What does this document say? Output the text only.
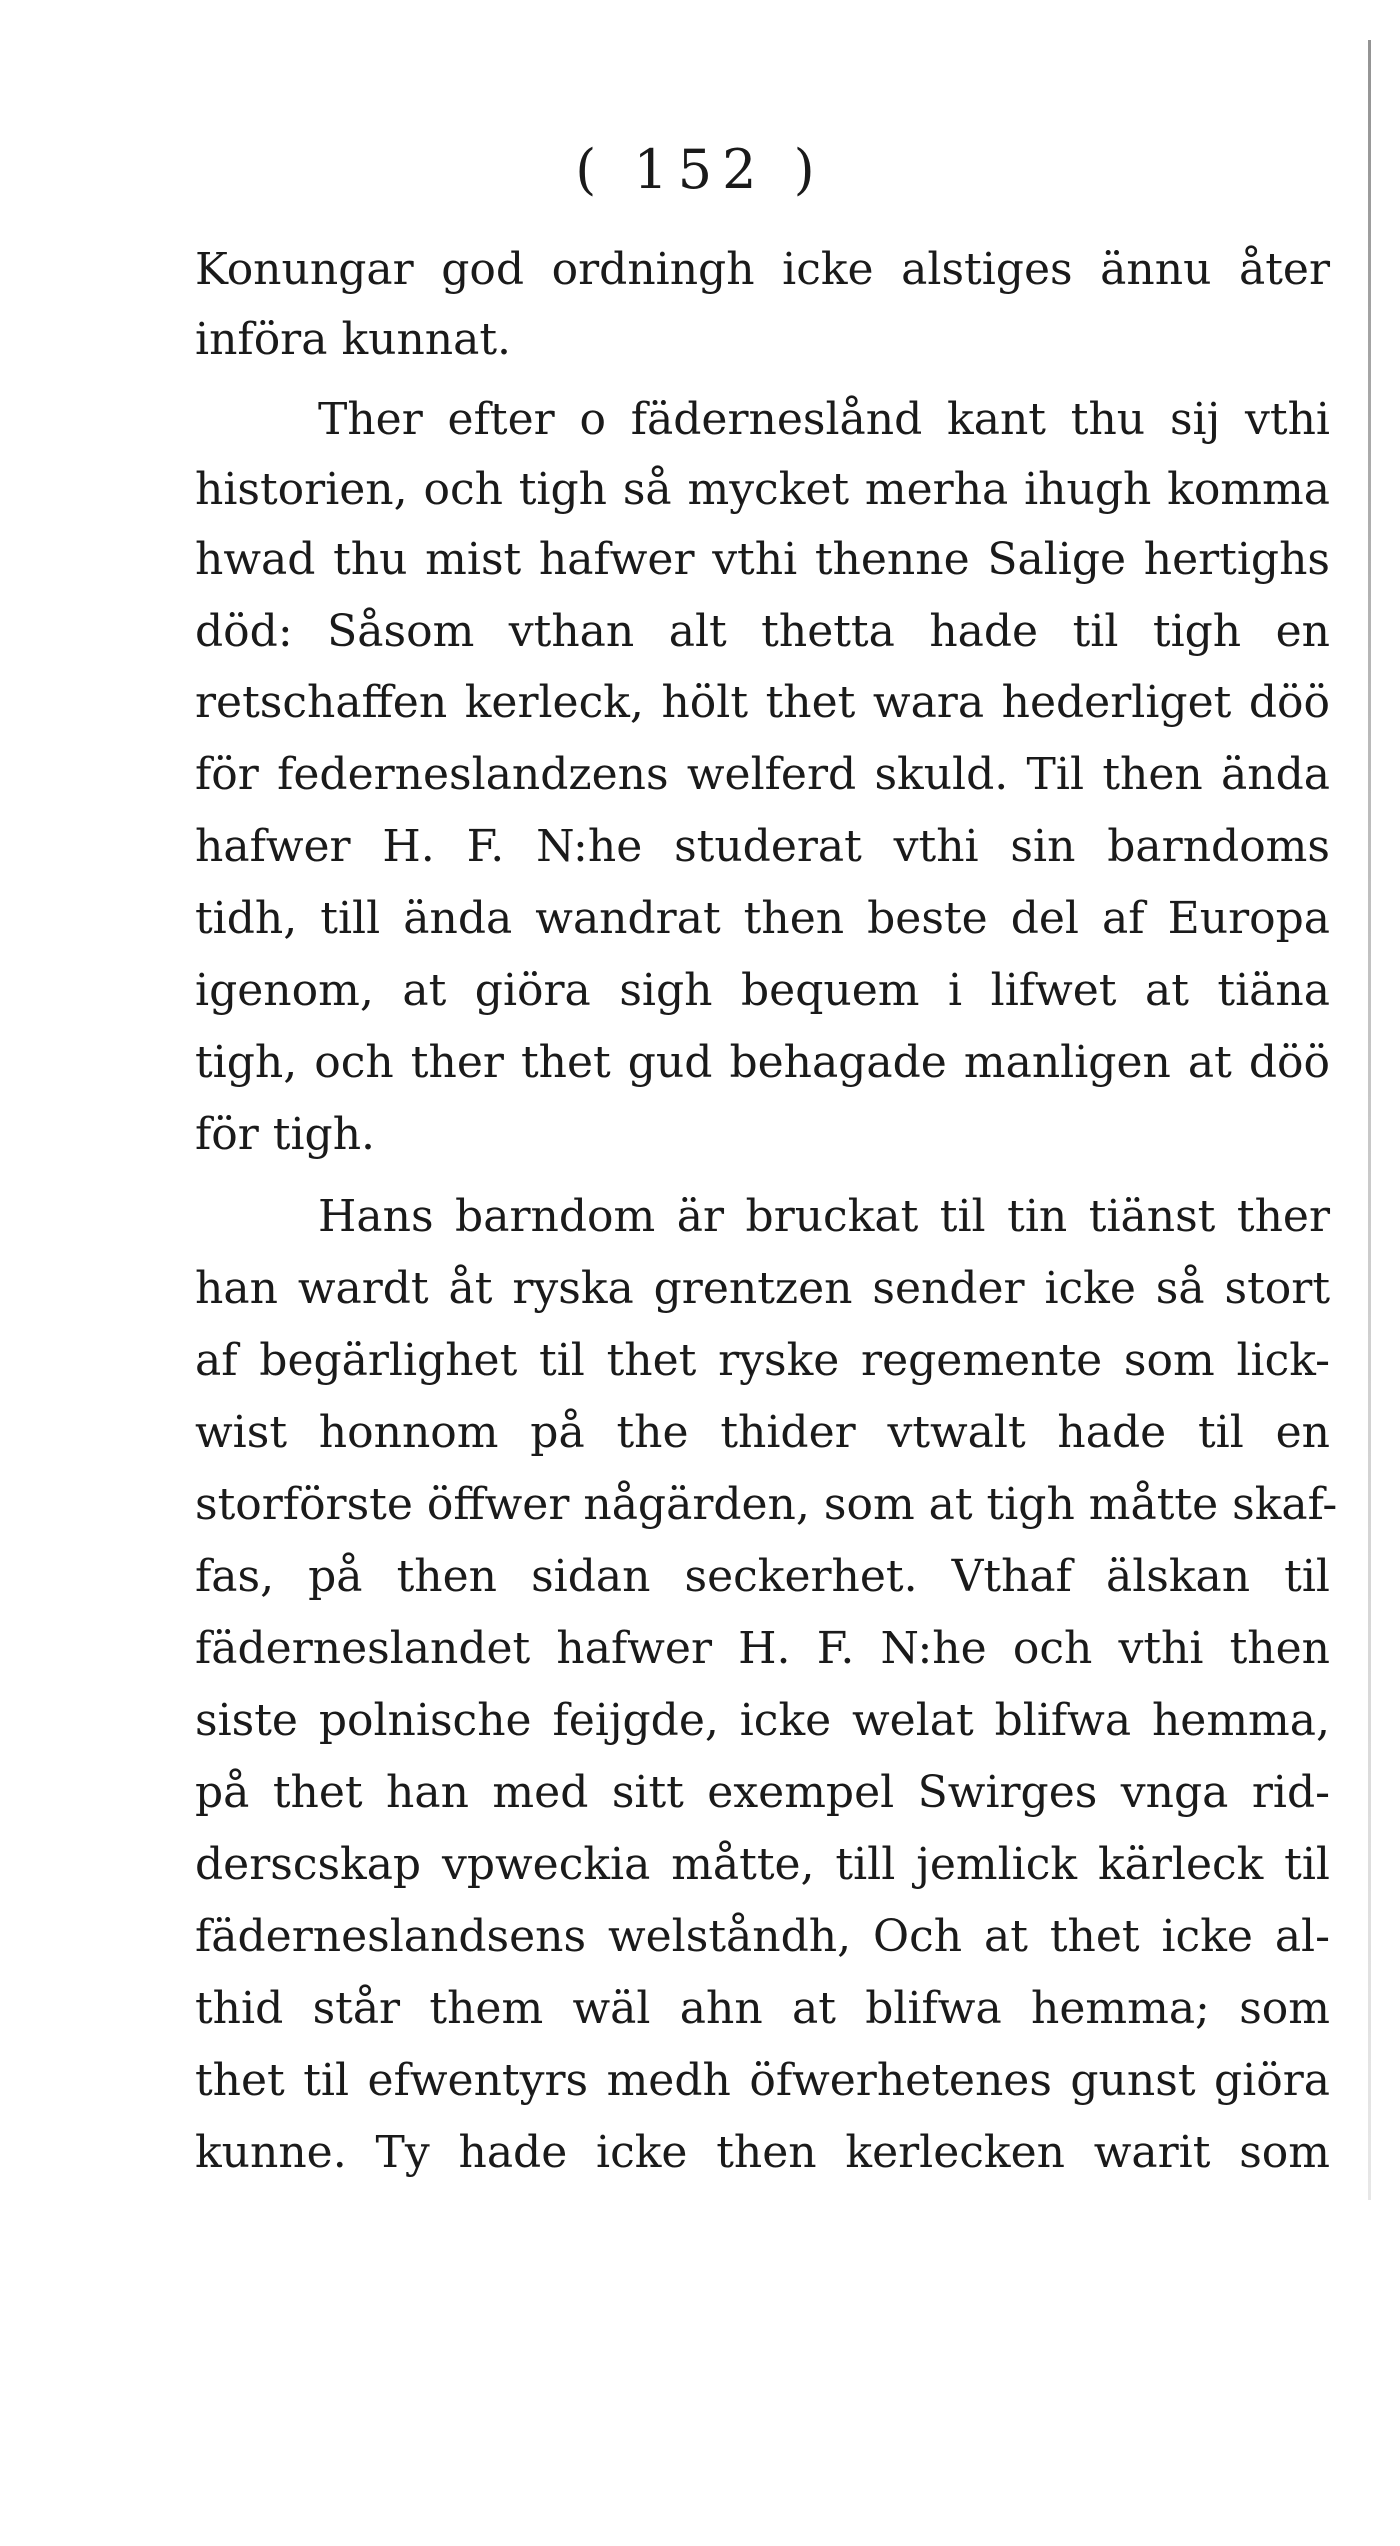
( 152 )
Konungar god ordningh icke alstiges ännu åter
införa kunnat.
Ther efter o fäderneslånd kant thu sij vthi
historien, och tigh så mycket merha ihugh komma
hwad thu mist hafwer vthi thenne Salige hertighs
död: Såsom vthan alt thetta hade til tigh en
retschaffen kerleck, hölt thet wara hederliget döö
för federneslandzens welferd skuld. Til then ända
hafwer H. F. N:he studerat vthi sin barndoms
tidh, till ända wandrat then beste del af Europa
igenom, at giöra sigh bequem i lifwet at tiäna
tigh, och ther thet gud behagade manligen at döö
för tigh.
Hans barndom är bruckat til tin tiänst ther
han wardt åt ryska grentzen sender icke så stort
af begärlighet til thet ryske regemente som lick-
wist honnom på the thider vtwalt hade til en
storförste öffwer någärden, som at tigh måtte skaf-
fas, på then sidan seckerhet. Vthaf älskan til
fäderneslandet hafwer H. F. N:he och vthi then
siste polnische feijgde, icke welat blifwa hemma,
på thet han med sitt exempel Swirges vnga rid-
derscskap vpweckia måtte, till jemlick kärleck til
fäderneslandsens welståndh, Och at thet icke al-
thid står them wäl ahn at blifwa hemma; som
thet til efwentyrs medh öfwerhetenes gunst giöra
kunne. Ty hade icke then kerlecken warit som
